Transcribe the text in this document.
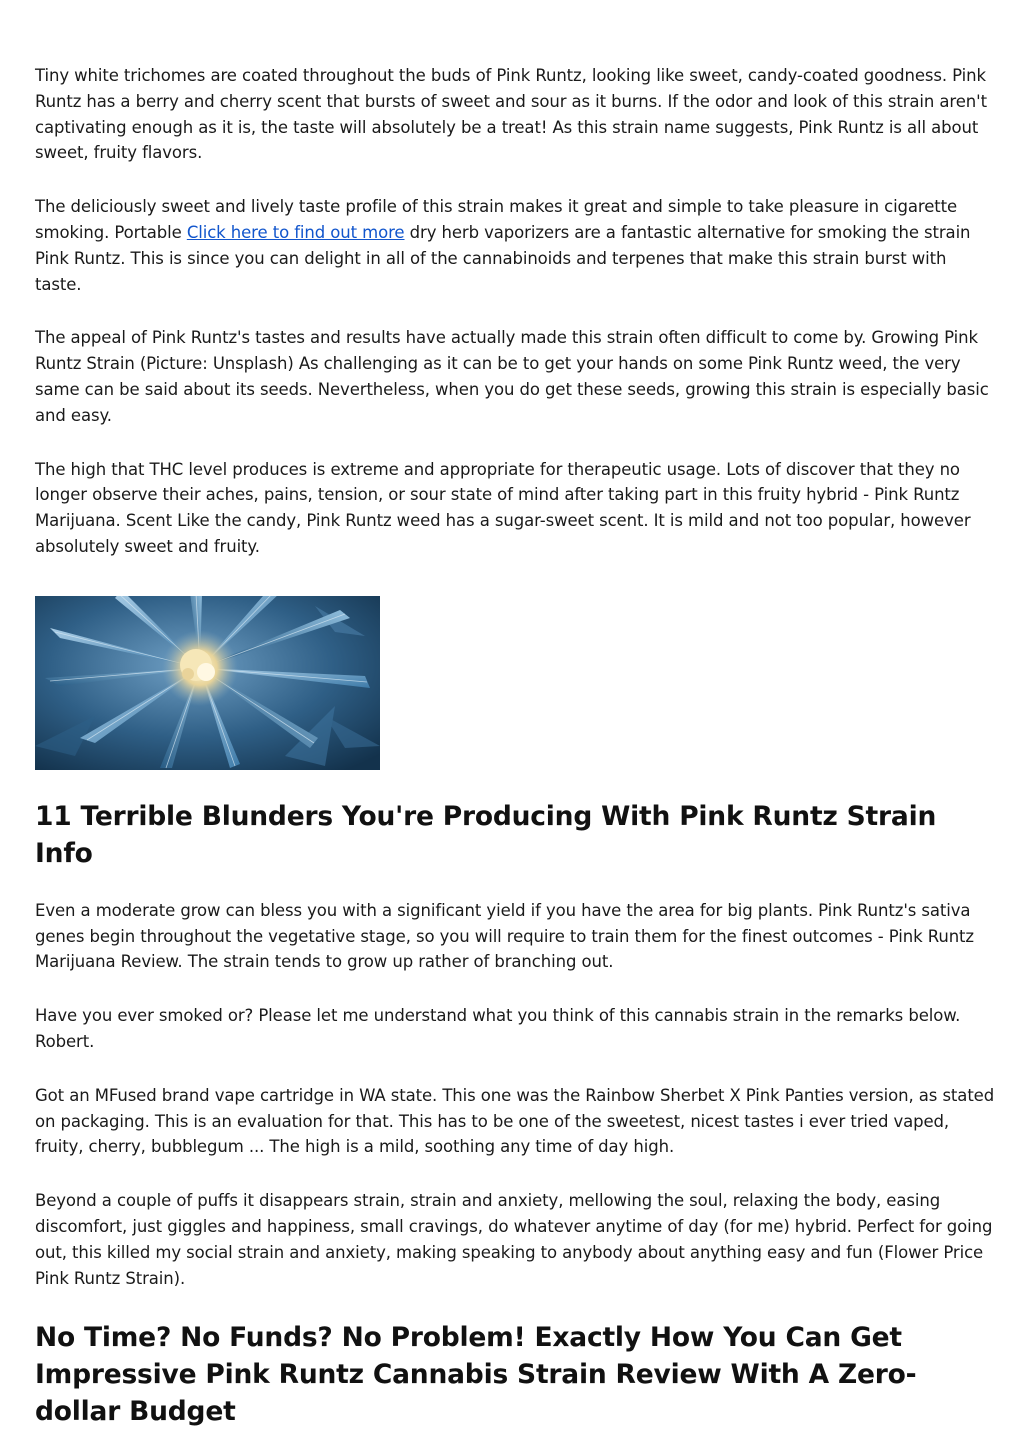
Tiny white trichomes are coated throughout the buds of Pink Runtz, looking like sweet, candy-coated goodness. Pink Runtz has a berry and cherry scent that bursts of sweet and sour as it burns. If the odor and look of this strain aren't captivating enough as it is, the taste will absolutely be a treat! As this strain name suggests, Pink Runtz is all about sweet, fruity flavors.

The deliciously sweet and lively taste profile of this strain makes it great and simple to take pleasure in cigarette smoking. Portable Click here to find out more dry herb vaporizers are a fantastic alternative for smoking the strain Pink Runtz. This is since you can delight in all of the cannabinoids and terpenes that make this strain burst with taste.

The appeal of Pink Runtz's tastes and results have actually made this strain often difficult to come by. Growing Pink Runtz Strain (Picture: Unsplash) As challenging as it can be to get your hands on some Pink Runtz weed, the very same can be said about its seeds. Nevertheless, when you do get these seeds, growing this strain is especially basic and easy.

The high that THC level produces is extreme and appropriate for therapeutic usage. Lots of discover that they no longer observe their aches, pains, tension, or sour state of mind after taking part in this fruity hybrid - Pink Runtz Marijuana. Scent Like the candy, Pink Runtz weed has a sugar-sweet scent. It is mild and not too popular, however absolutely sweet and fruity.

11 Terrible Blunders You're Producing With Pink Runtz Strain Info

Even a moderate grow can bless you with a significant yield if you have the area for big plants. Pink Runtz's sativa genes begin throughout the vegetative stage, so you will require to train them for the finest outcomes - Pink Runtz Marijuana Review. The strain tends to grow up rather of branching out.

Have you ever smoked or? Please let me understand what you think of this cannabis strain in the remarks below. Robert.

Got an MFused brand vape cartridge in WA state. This one was the Rainbow Sherbet X Pink Panties version, as stated on packaging. This is an evaluation for that. This has to be one of the sweetest, nicest tastes i ever tried vaped, fruity, cherry, bubblegum ... The high is a mild, soothing any time of day high.

Beyond a couple of puffs it disappears strain, strain and anxiety, mellowing the soul, relaxing the body, easing discomfort, just giggles and happiness, small cravings, do whatever anytime of day (for me) hybrid. Perfect for going out, this killed my social strain and anxiety, making speaking to anybody about anything easy and fun (Flower Price Pink Runtz Strain).

No Time? No Funds? No Problem! Exactly How You Can Get Impressive Pink Runtz Cannabis Strain Review With A Zero-dollar Budget
